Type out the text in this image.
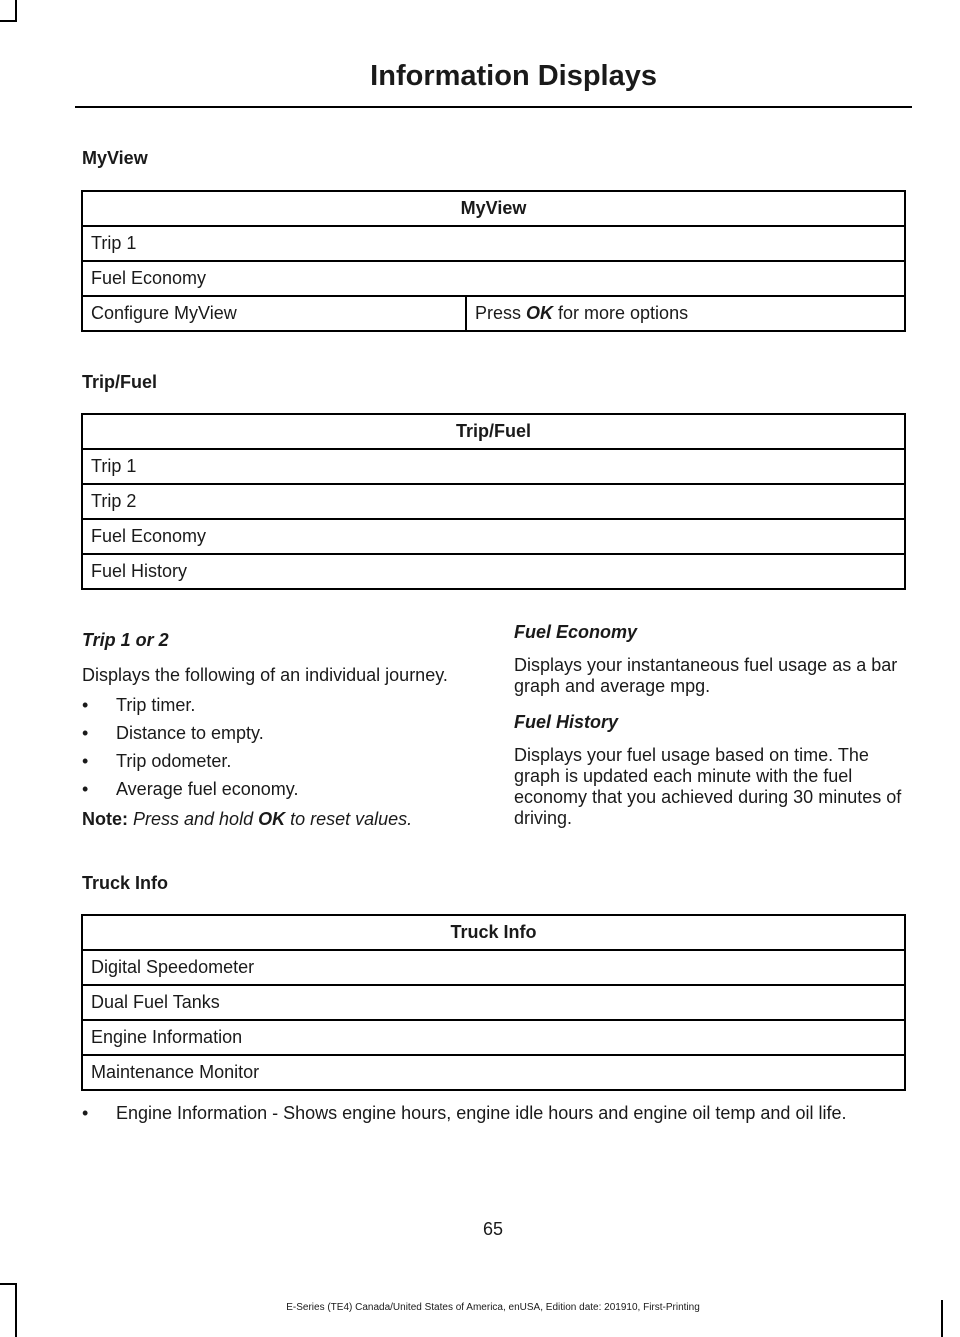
Information Displays
MyView
MyView
Trip 1
Fuel Economy
Configure MyView	Press OK for more options
Trip/Fuel
Trip/Fuel
Trip 1
Trip 2
Fuel Economy
Fuel History

Trip 1 or 2

Displays the following of an individual journey.

• Trip timer.

• Distance to empty.

• Trip odometer.

• Average fuel economy.

Note: Press and hold OK to reset values.

Fuel Economy

Displays your instantaneous fuel usage as a bar graph and average mpg.

Fuel History

Displays your fuel usage based on time. The graph is updated each minute with the fuel economy that you achieved during 30 minutes of driving.

Truck Info
Truck Info
Digital Speedometer
Dual Fuel Tanks
Engine Information
Maintenance Monitor
• Engine Information - Shows engine hours, engine idle hours and engine oil temp and oil life.
65
E-Series (TE4) Canada/United States of America, enUSA, Edition date: 201910, First-Printing
